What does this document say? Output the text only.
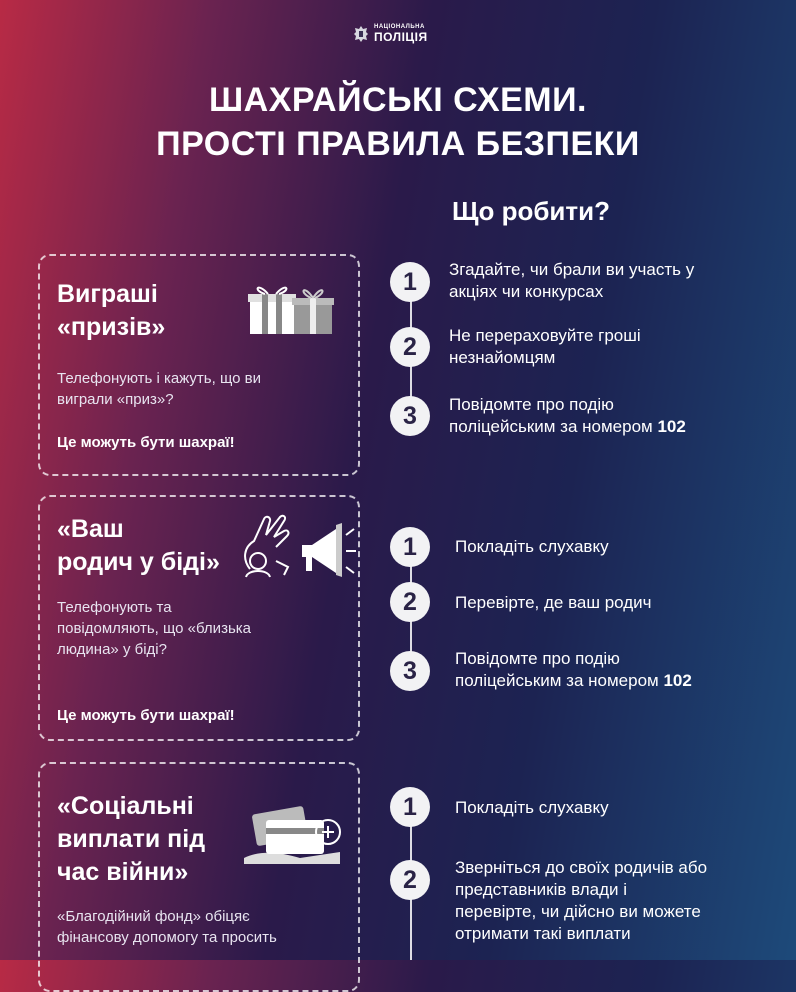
НАЦІОНАЛЬНА
ПОЛІЦІЯ
ШАХРАЙСЬКІ СХЕМИ.
ПРОСТІ ПРАВИЛА БЕЗПЕКИ
Що робити?
Виграші
«призів»
Телефонують і кажуть, що ви
виграли «приз»?
Це можуть бути шахраї!
«Ваш
родич у біді»
Телефонують та
повідомляють, що «близька
людина» у біді?
Це можуть бути шахраї!
«Соціальні
виплати під
час війни»
«Благодійний фонд» обіцяє
фінансову допомогу та просить
1	Згадайте, чи брали ви участь у
акціях чи конкурсах
2	Не перераховуйте гроші
незнайомцям
3	Повідомте про подію
поліцейським за номером 102
1	Покладіть слухавку
2	Перевірте, де ваш родич
3	Повідомте про подію
поліцейським за номером 102
1	Покладіть слухавку
2	Зверніться до своїх родичів або
представників влади і
перевірте, чи дійсно ви можете
отримати такі виплати
